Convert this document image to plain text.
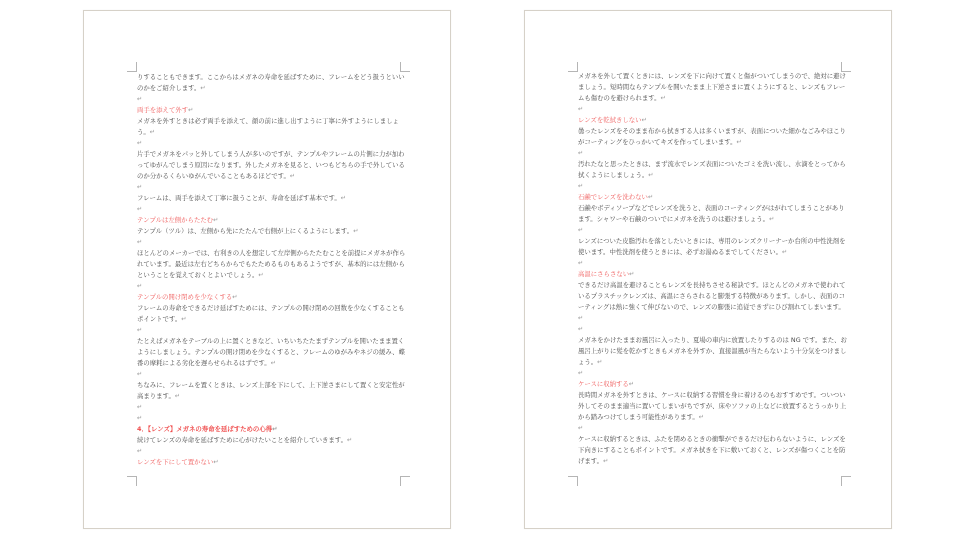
りすることもできます。ここからはメガネの寿命を延ばすために、フレームをどう扱うといいのかをご紹介します。↵
↵
両手を添えて外す↵
メガネを外すときは必ず両手を添えて、顔の前に進し出すように丁寧に外すようにしましょう。↵
↵
片手でメガネをパッと外してしまう人が多いのですが、テンプルやフレームの片側に力が加わってゆがんでしまう原因になります。外したメガネを見ると、いつもどちらの手で外しているのか分かるくらいゆがんでいることもあるほどです。↵
↵
フレームは、両手を添えて丁寧に扱うことが、寿命を延ばす基本です。↵
↵
テンプルは左側からたたむ↵
テンプル（ツル）は、左側から先にたたんで右側が上にくるようにします。↵
↵
ほとんどのメーカーでは、右利きの人を想定して左岸側からたたむことを前提にメガネが作られています。最近は左右どちらからでもたためるものもあるようですが、基本的には左側からということを覚えておくとよいでしょう。↵
↵
テンプルの開け閉めを少なくする↵
フレームの寿命をできるだけ延ばすためには、テンプルの開け閉めの回数を少なくすることもポイントです。↵
↵
たとえばメガネをテーブルの上に置くときなど、いちいちたたまずテンプルを開いたまま置くようにしましょう。テンプルの開け閉めを少なくすると、フレームのゆがみやネジの緩み、蝶番の摩耗による劣化を遅らせられるはずです。↵
↵
ちなみに、フレームを置くときは、レンズ上部を下にして、上下逆さまにして置くと安定性が高まります。↵
↵
↵
4．【レンズ】メガネの寿命を延ばすための心得↵
続けてレンズの寿命を延ばすために心がけたいことを紹介していきます。↵
↵
レンズを下にして置かない↵
メガネを外して置くときには、レンズを下に向けて置くと傷がついてしまうので、絶対に避けましょう。短時間ならテンプルを開いたまま上下逆さまに置くようにすると、レンズもフレームも傷むのを避けられます。↵
↵
レンズを乾拭きしない↵
曇ったレンズをそのまま布から拭きする人は多くいますが、表面についた細かなごみやほこりがコーティングをひっかいてキズを作ってしまいます。↵
↵
汚れたなと思ったときは、まず流水でレンズ表面についたゴミを洗い流し、水滴をとってから拭くようにしましょう。↵
↵
石鹸でレンズを洗わない↵
石鹸やボディソープなどでレンズを洗うと、表面のコーティングがはがれてしまうことがあります。シャワーや石鹸のついでにメガネを洗うのは避けましょう。↵
↵
レンズについた皮脂汚れを落としたいときには、専用のレンズクリーナーか台所の中性洗剤を使います。中性洗剤を使うときには、必ずお湯ぬるまでしてください。↵
↵
高温にさらさない↵
できるだけ高温を避けることもレンズを長持ちさせる秘訣です。ほとんどのメガネで使われているプラスチックレンズは、高温にさらされると膨張する特徴があります。しかし、表面のコーティングは熱に強くて伸びないので、レンズの膨張に追従できずにひび割れてしまいます。↵
↵
メガネをかけたままお風呂に入ったり、夏場の車内に放置したりするのは NG です。また、お風呂上がりに髪を乾かすときもメガネを外すか、直接温風が当たらないよう十分気をつけましょう。↵
↵
ケースに収納する↵
長時間メガネを外すときは、ケースに収納する習慣を身に着けるのもおすすめです。ついつい外してそのまま適当に置いてしまいがちですが、床やソファの上などに放置するとうっかり上から踏みつけてしまう可能性があります。↵
↵
ケースに収納するときは、ふたを閉めるときの衝撃ができるだけ伝わらないように、レンズを下向きにすることもポイントです。メガネ拭きを下に敷いておくと、レンズが傷つくことを防げます。↵
